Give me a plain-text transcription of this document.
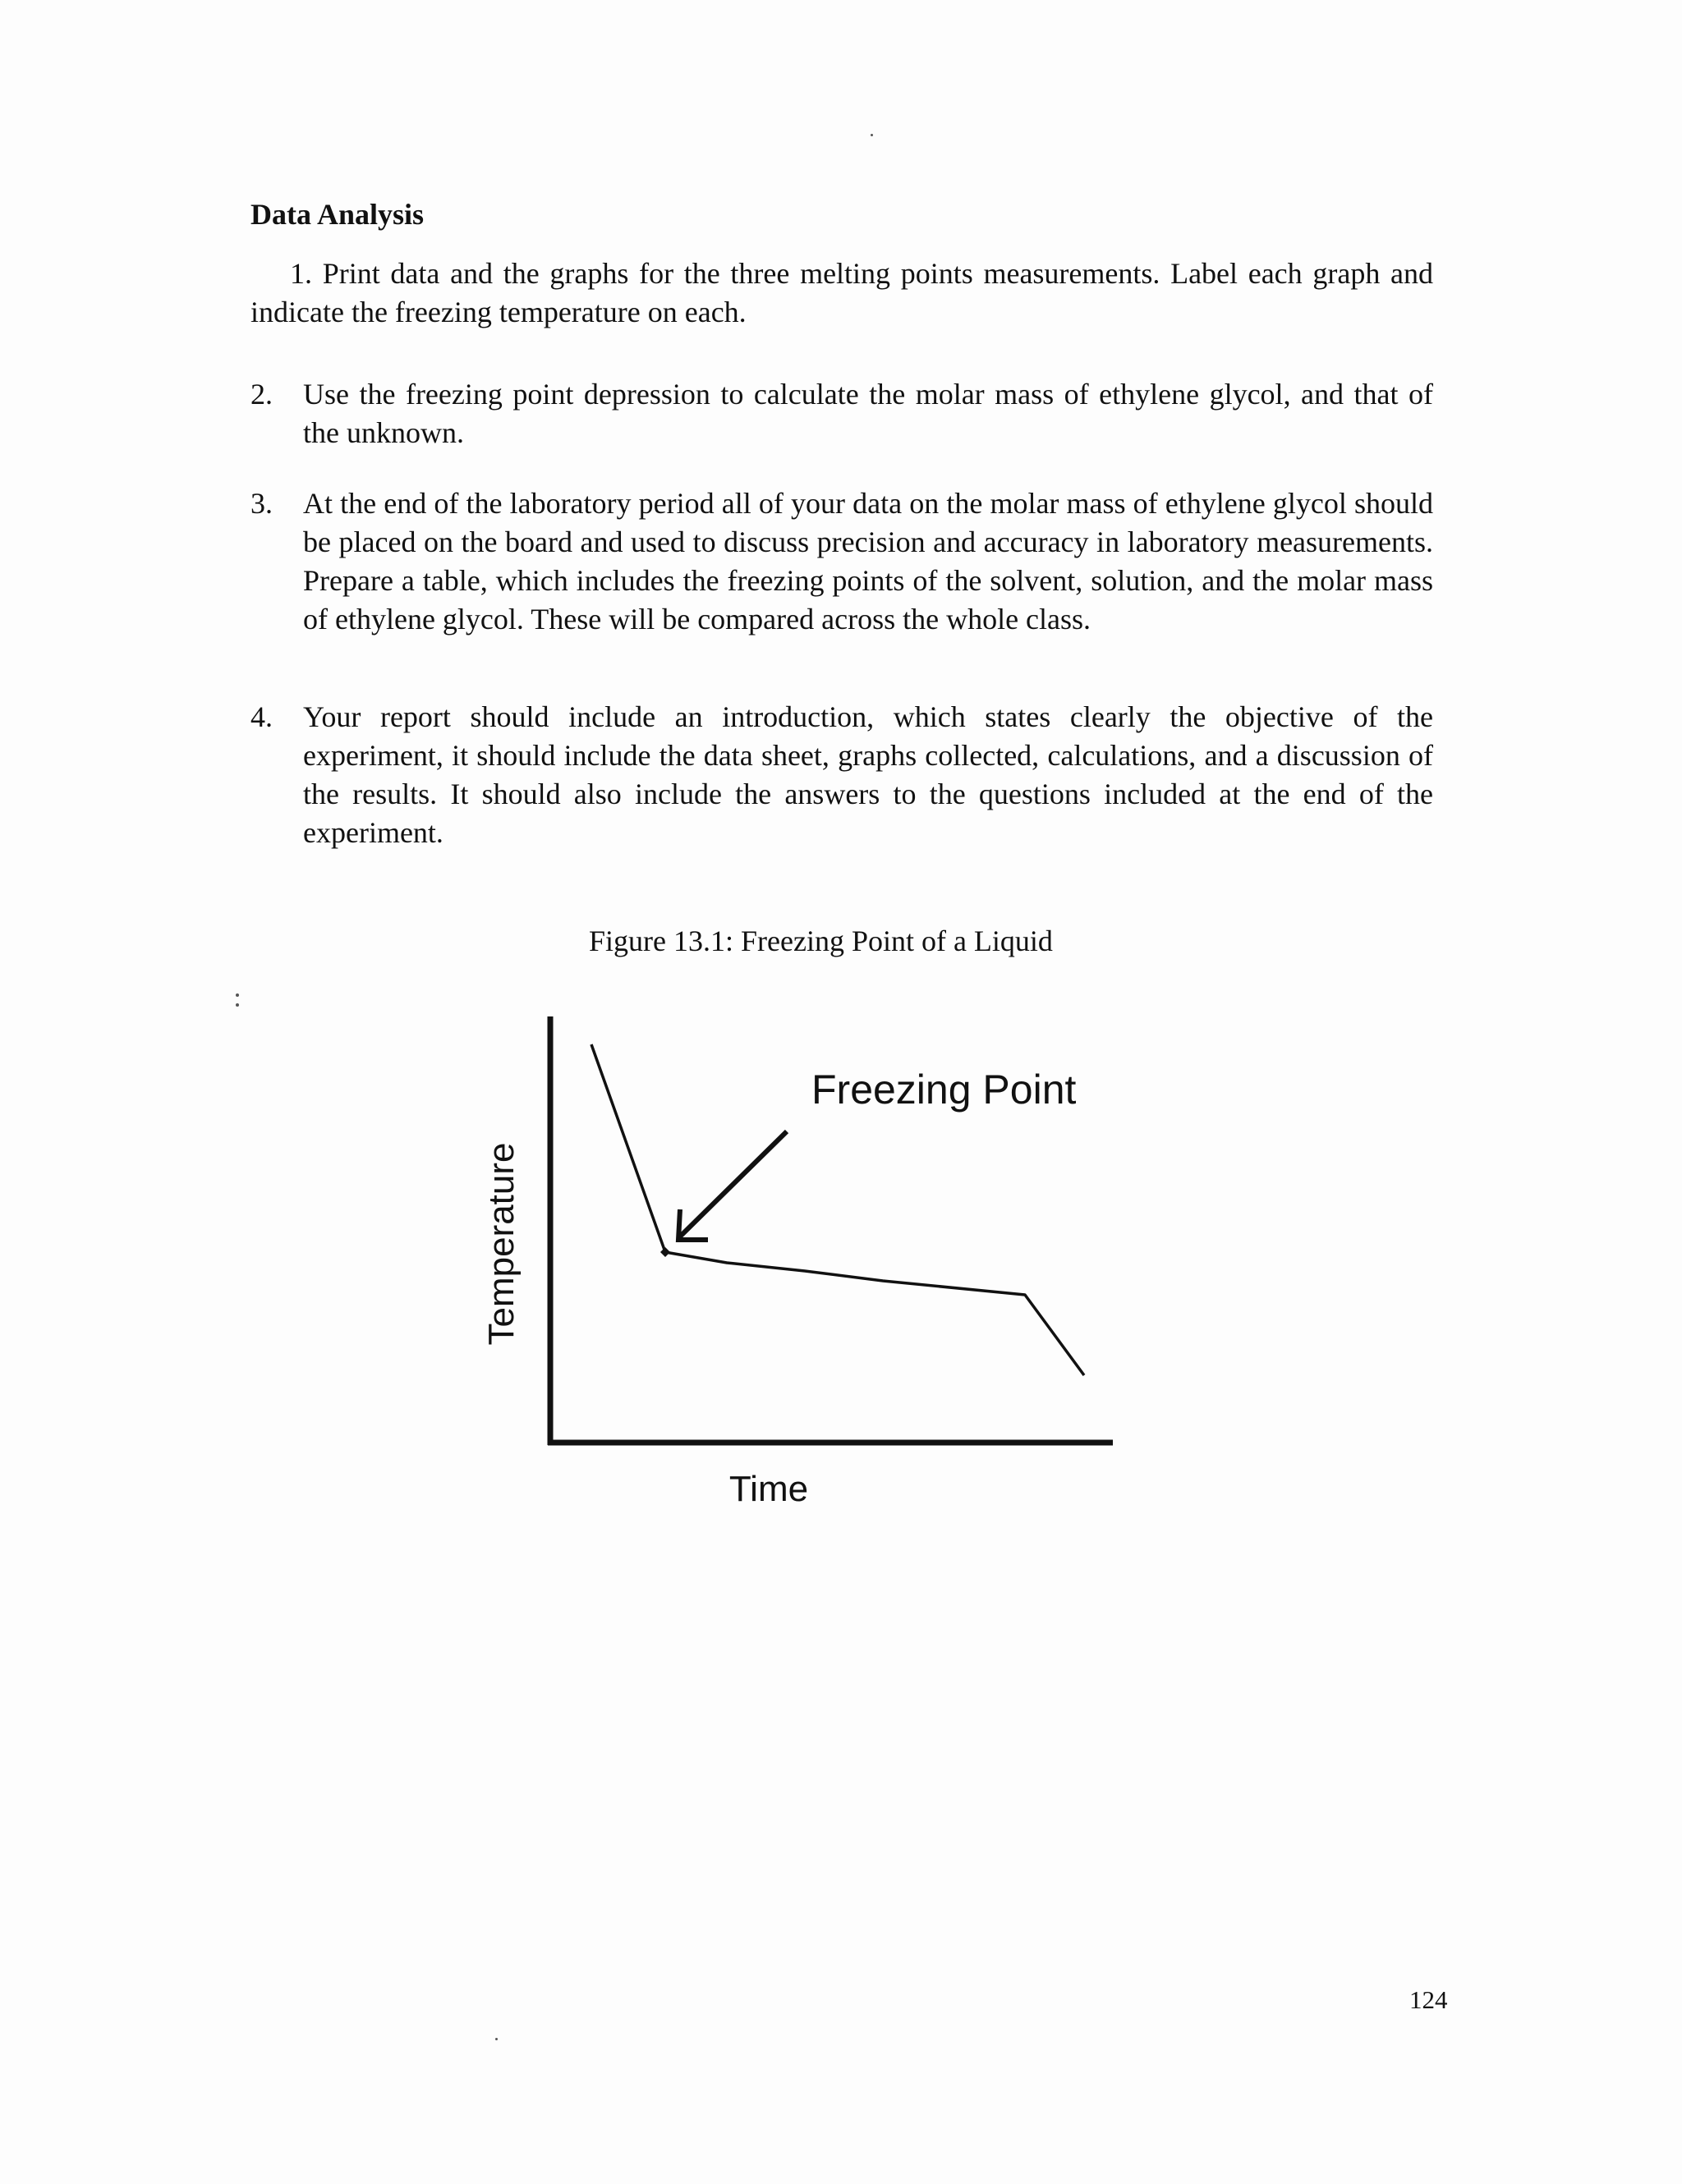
Data Analysis

1. Print data and the graphs for the three melting points measurements. Label each graph and indicate the freezing temperature on each.

2. Use the freezing point depression to calculate the molar mass of ethylene glycol, and that of the unknown.

3. At the end of the laboratory period all of your data on the molar mass of ethylene glycol should be placed on the board and used to discuss precision and accuracy in laboratory measurements. Prepare a table, which includes the freezing points of the solvent, solution, and the molar mass of ethylene glycol. These will be compared across the whole class.

4. Your report should include an introduction, which states clearly the objective of the experiment, it should include the data sheet, graphs collected, calculations, and a discussion of the results. It should also include the answers to the questions included at the end of the experiment.

Figure 13.1: Freezing Point of a Liquid

Temperature
Time
Freezing Point
124
